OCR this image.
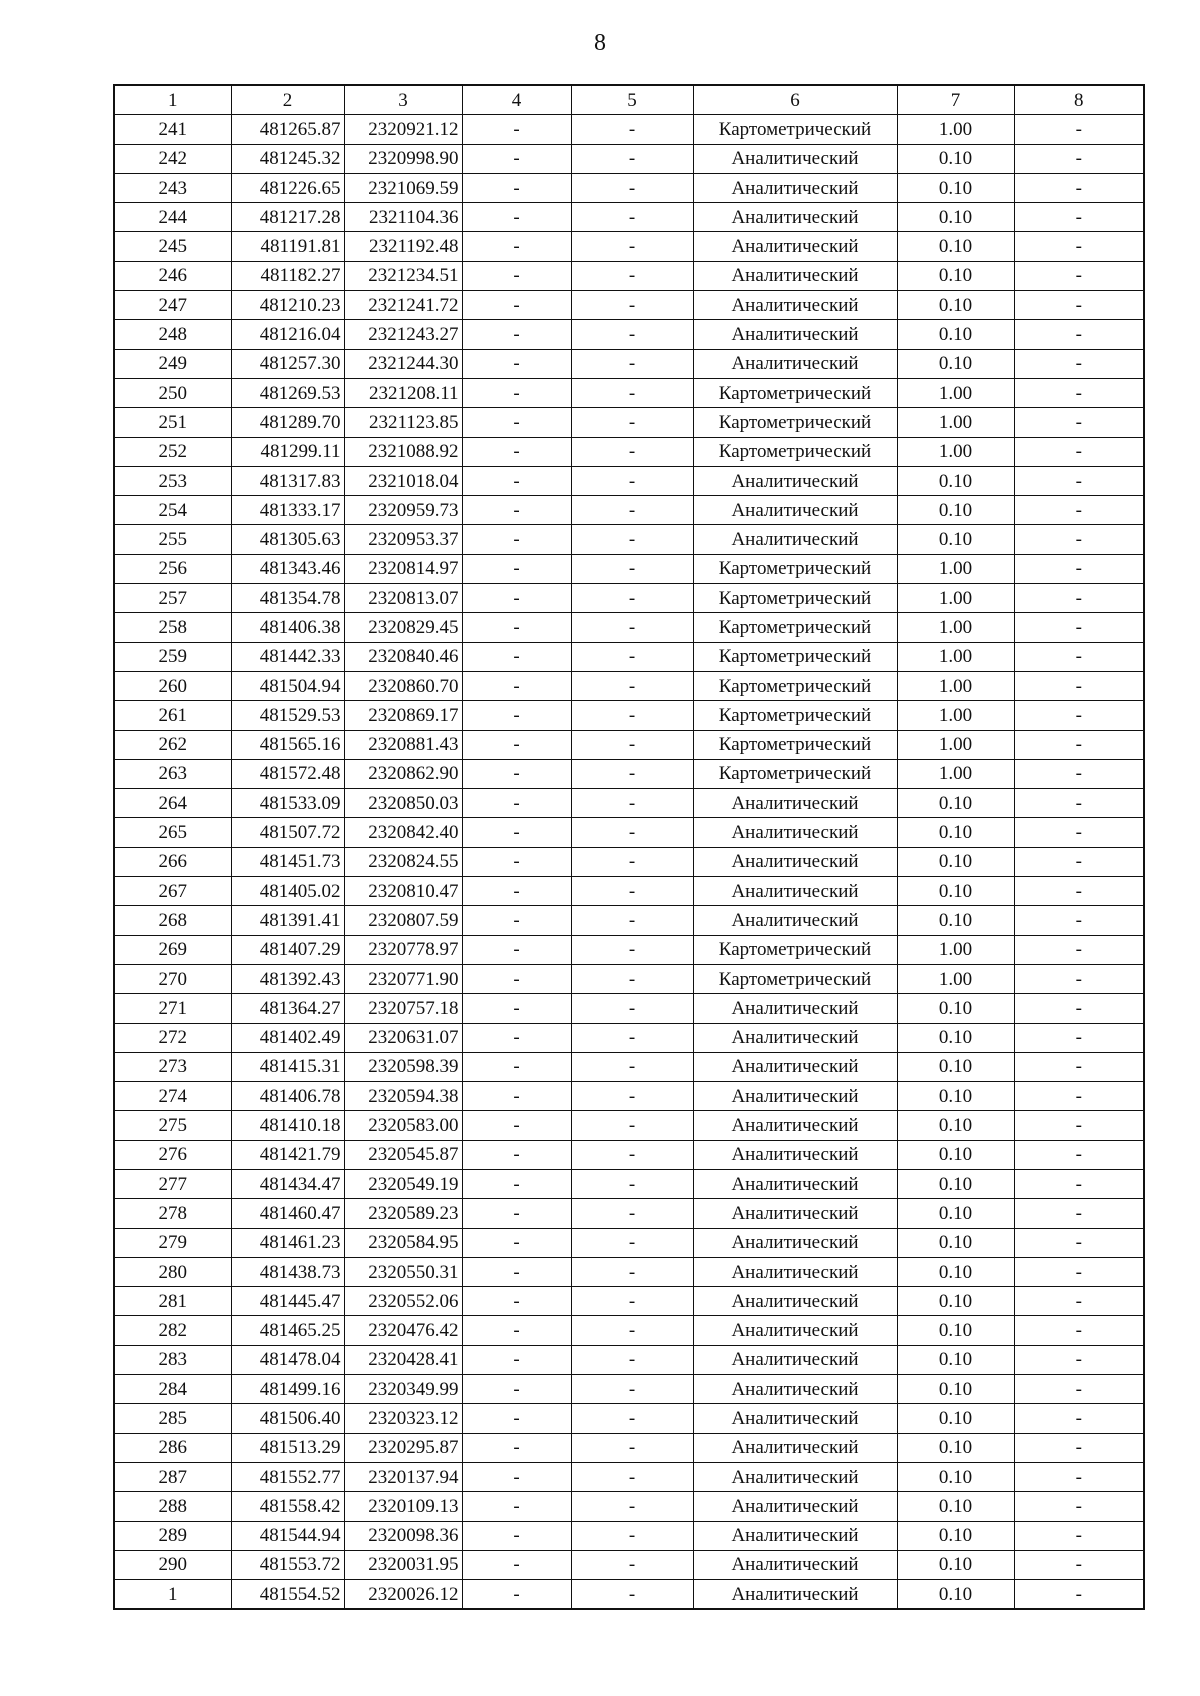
8
1	2	3	4	5	6	7	8
241	481265.87	2320921.12	-	-	Картометрический	1.00	-
242	481245.32	2320998.90	-	-	Аналитический	0.10	-
243	481226.65	2321069.59	-	-	Аналитический	0.10	-
244	481217.28	2321104.36	-	-	Аналитический	0.10	-
245	481191.81	2321192.48	-	-	Аналитический	0.10	-
246	481182.27	2321234.51	-	-	Аналитический	0.10	-
247	481210.23	2321241.72	-	-	Аналитический	0.10	-
248	481216.04	2321243.27	-	-	Аналитический	0.10	-
249	481257.30	2321244.30	-	-	Аналитический	0.10	-
250	481269.53	2321208.11	-	-	Картометрический	1.00	-
251	481289.70	2321123.85	-	-	Картометрический	1.00	-
252	481299.11	2321088.92	-	-	Картометрический	1.00	-
253	481317.83	2321018.04	-	-	Аналитический	0.10	-
254	481333.17	2320959.73	-	-	Аналитический	0.10	-
255	481305.63	2320953.37	-	-	Аналитический	0.10	-
256	481343.46	2320814.97	-	-	Картометрический	1.00	-
257	481354.78	2320813.07	-	-	Картометрический	1.00	-
258	481406.38	2320829.45	-	-	Картометрический	1.00	-
259	481442.33	2320840.46	-	-	Картометрический	1.00	-
260	481504.94	2320860.70	-	-	Картометрический	1.00	-
261	481529.53	2320869.17	-	-	Картометрический	1.00	-
262	481565.16	2320881.43	-	-	Картометрический	1.00	-
263	481572.48	2320862.90	-	-	Картометрический	1.00	-
264	481533.09	2320850.03	-	-	Аналитический	0.10	-
265	481507.72	2320842.40	-	-	Аналитический	0.10	-
266	481451.73	2320824.55	-	-	Аналитический	0.10	-
267	481405.02	2320810.47	-	-	Аналитический	0.10	-
268	481391.41	2320807.59	-	-	Аналитический	0.10	-
269	481407.29	2320778.97	-	-	Картометрический	1.00	-
270	481392.43	2320771.90	-	-	Картометрический	1.00	-
271	481364.27	2320757.18	-	-	Аналитический	0.10	-
272	481402.49	2320631.07	-	-	Аналитический	0.10	-
273	481415.31	2320598.39	-	-	Аналитический	0.10	-
274	481406.78	2320594.38	-	-	Аналитический	0.10	-
275	481410.18	2320583.00	-	-	Аналитический	0.10	-
276	481421.79	2320545.87	-	-	Аналитический	0.10	-
277	481434.47	2320549.19	-	-	Аналитический	0.10	-
278	481460.47	2320589.23	-	-	Аналитический	0.10	-
279	481461.23	2320584.95	-	-	Аналитический	0.10	-
280	481438.73	2320550.31	-	-	Аналитический	0.10	-
281	481445.47	2320552.06	-	-	Аналитический	0.10	-
282	481465.25	2320476.42	-	-	Аналитический	0.10	-
283	481478.04	2320428.41	-	-	Аналитический	0.10	-
284	481499.16	2320349.99	-	-	Аналитический	0.10	-
285	481506.40	2320323.12	-	-	Аналитический	0.10	-
286	481513.29	2320295.87	-	-	Аналитический	0.10	-
287	481552.77	2320137.94	-	-	Аналитический	0.10	-
288	481558.42	2320109.13	-	-	Аналитический	0.10	-
289	481544.94	2320098.36	-	-	Аналитический	0.10	-
290	481553.72	2320031.95	-	-	Аналитический	0.10	-
1	481554.52	2320026.12	-	-	Аналитический	0.10	-
